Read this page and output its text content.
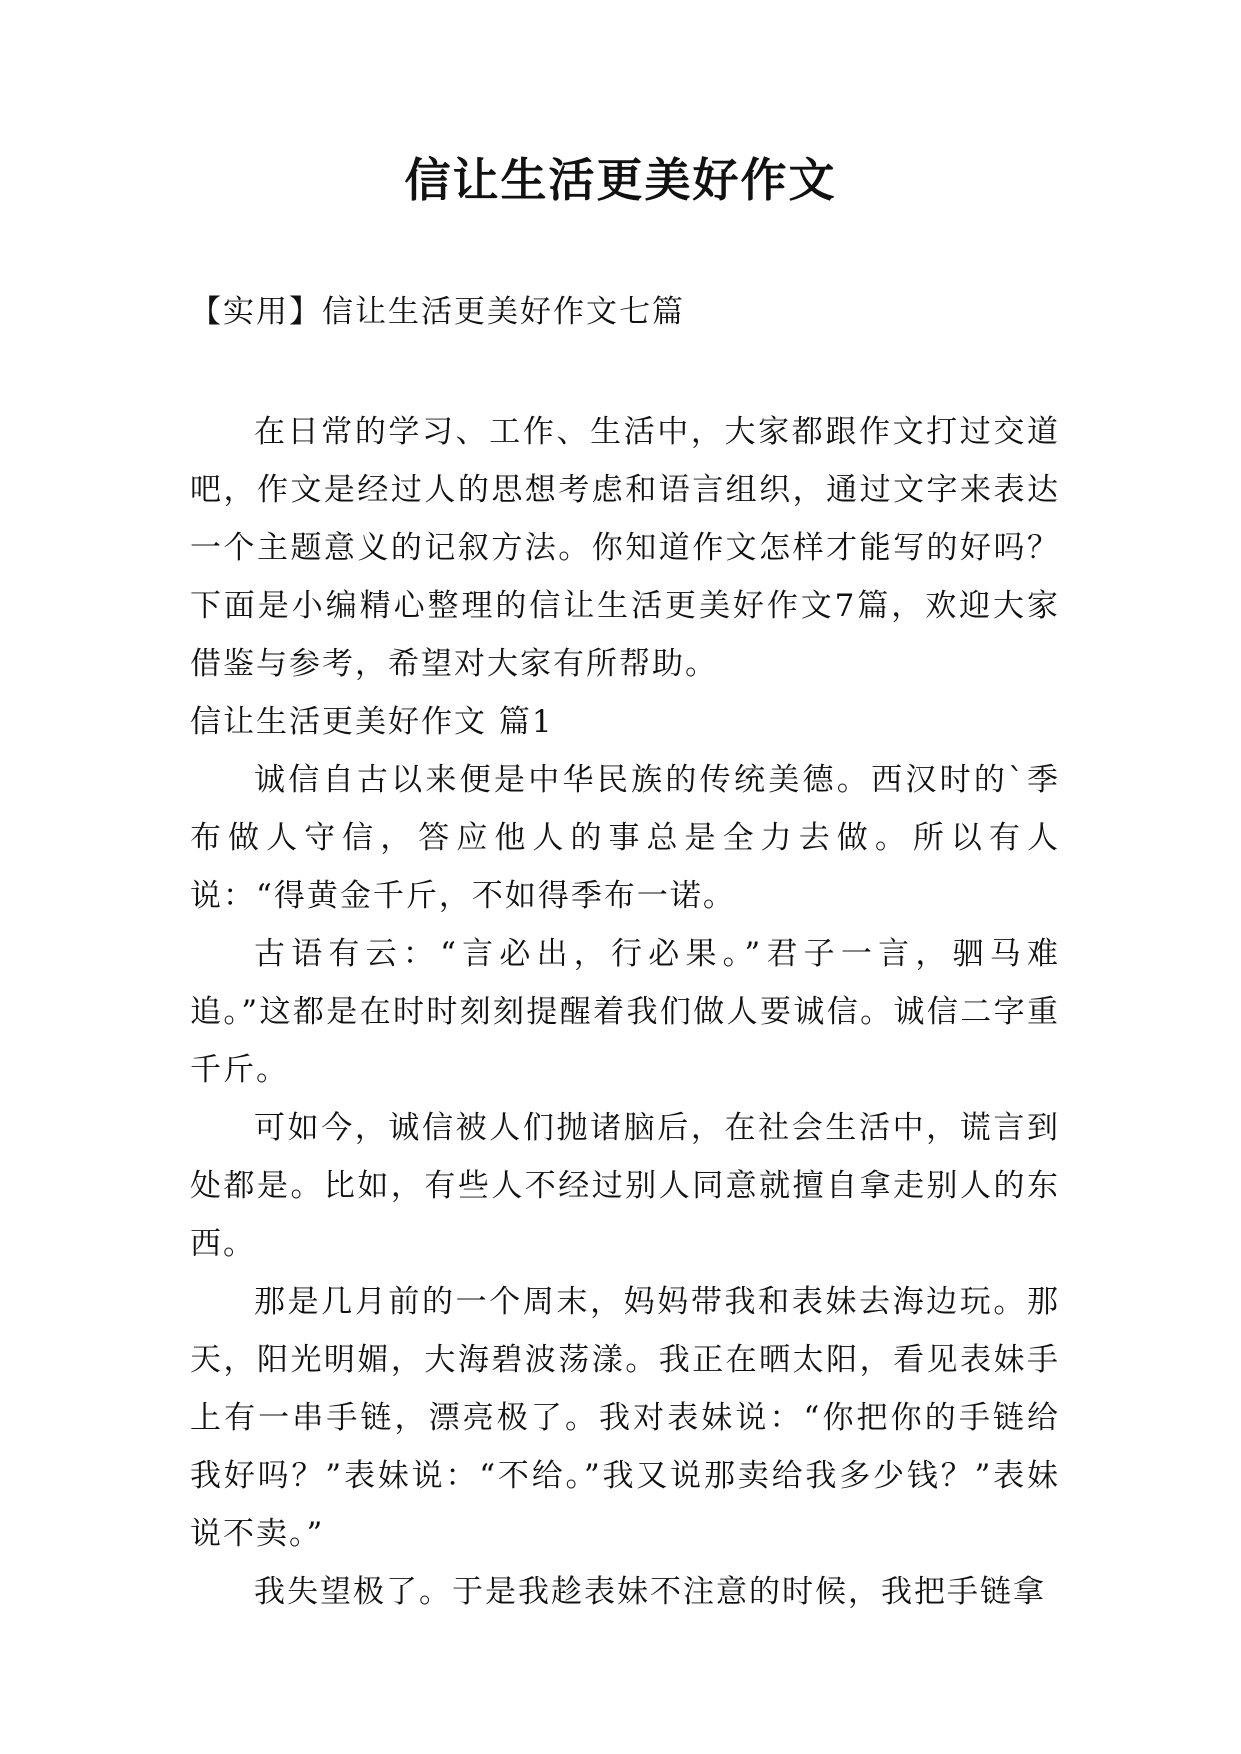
信让生活更美好作文
【实用】信让生活更美好作文七篇

在日常的学习、工作、生活中，大家都跟作文打过交道吧，作文是经过人的思想考虑和语言组织，通过文字来表达一个主题意义的记叙方法。你知道作文怎样才能写的好吗？下面是小编精心整理的信让生活更美好作文7篇，欢迎大家借鉴与参考，希望对大家有所帮助。

信让生活更美好作文 篇1

诚信自古以来便是中华民族的传统美德。西汉时的`季布做人守信，答应他人的事总是全力去做。所以有人说：“得黄金千斤，不如得季布一诺。

古语有云：“言必出，行必果。”君子一言，驷马难追。”这都是在时时刻刻提醒着我们做人要诚信。诚信二字重千斤。

可如今，诚信被人们抛诸脑后，在社会生活中，谎言到处都是。比如，有些人不经过别人同意就擅自拿走别人的东西。

那是几月前的一个周末，妈妈带我和表妹去海边玩。那天，阳光明媚，大海碧波荡漾。我正在晒太阳，看见表妹手上有一串手链，漂亮极了。我对表妹说：“你把你的手链给我好吗？”表妹说：“不给。”我又说那卖给我多少钱？”表妹说不卖。”

我失望极了。于是我趁表妹不注意的时候，我把手链拿
